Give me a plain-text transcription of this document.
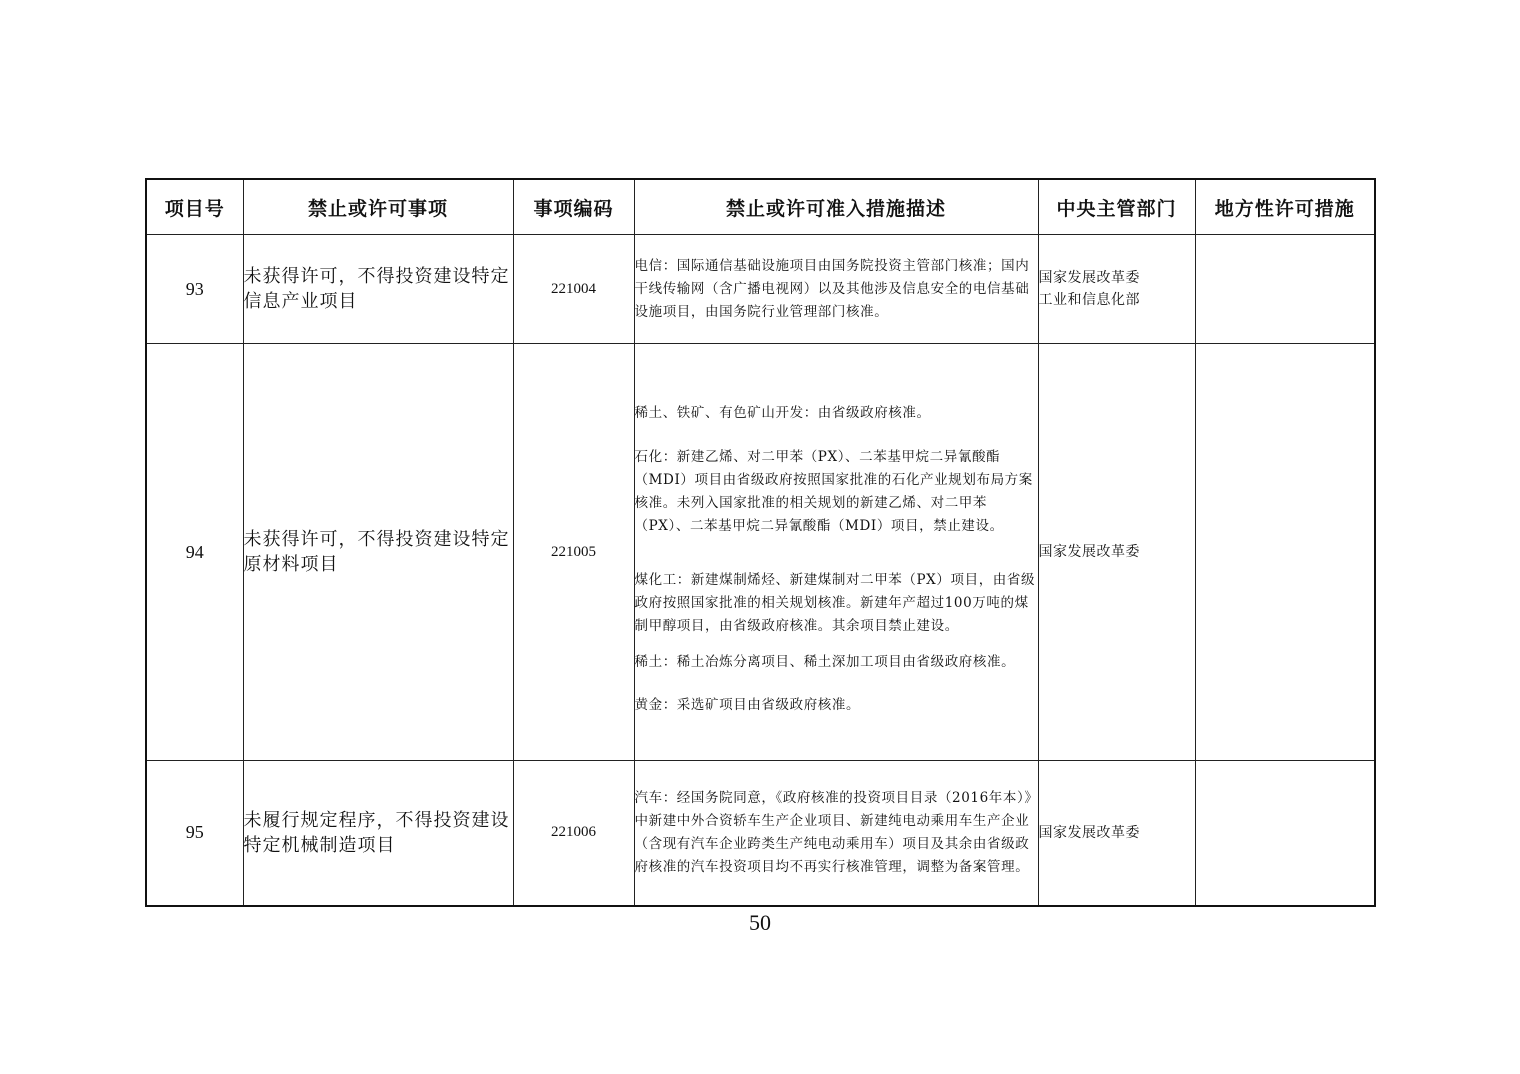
项目号	禁止或许可事项	事项编码	禁止或许可准入措施描述	中央主管部门	地方性许可措施
93	未获得许可，不得投资建设特定信息产业项目	221004	电信：国际通信基础设施项目由国务院投资主管部门核准；国内干线传输网（含广播电视网）以及其他涉及信息安全的电信基础设施项目，由国务院行业管理部门核准。	国家发展改革委
工业和信息化部	

94	未获得许可，不得投资建设特定原材料项目	221005	稀土、铁矿、有色矿山开发：由省级政府核准。

石化：新建乙烯、对二甲苯（PX）、二苯基甲烷二异氰酸酯（MDI）项目由省级政府按照国家批准的石化产业规划布局方案核准。未列入国家批准的相关规划的新建乙烯、对二甲苯（PX）、二苯基甲烷二异氰酸酯（MDI）项目，禁止建设。

煤化工：新建煤制烯烃、新建煤制对二甲苯（PX）项目，由省级政府按照国家批准的相关规划核准。新建年产超过100万吨的煤制甲醇项目，由省级政府核准。其余项目禁止建设。

稀土：稀土冶炼分离项目、稀土深加工项目由省级政府核准。

黄金：采选矿项目由省级政府核准。	国家发展改革委	

95	未履行规定程序，不得投资建设特定机械制造项目	221006	汽车：经国务院同意，《政府核准的投资项目目录（2016年本）》中新建中外合资轿车生产企业项目、新建纯电动乘用车生产企业（含现有汽车企业跨类生产纯电动乘用车）项目及其余由省级政府核准的汽车投资项目均不再实行核准管理，调整为备案管理。	国家发展改革委	

50
